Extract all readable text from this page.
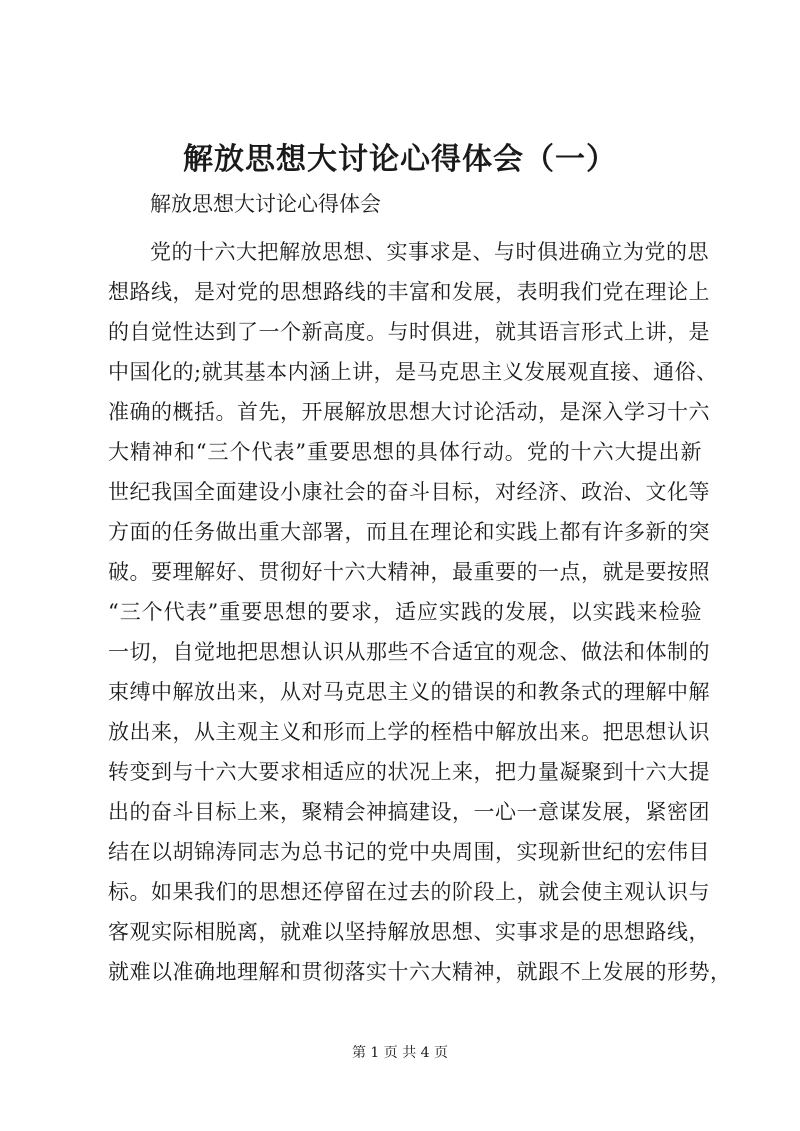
解放思想大讨论心得体会（一）

解放思想大讨论心得体会

党的十六大把解放思想、实事求是、与时俱进确立为党的思
想路线，是对党的思想路线的丰富和发展，表明我们党在理论上
的自觉性达到了一个新高度。与时俱进，就其语言形式上讲，是
中国化的;就其基本内涵上讲，是马克思主义发展观直接、通俗、
准确的概括。首先，开展解放思想大讨论活动，是深入学习十六
大精神和“三个代表”重要思想的具体行动。党的十六大提出新
世纪我国全面建设小康社会的奋斗目标，对经济、政治、文化等
方面的任务做出重大部署，而且在理论和实践上都有许多新的突
破。要理解好、贯彻好十六大精神，最重要的一点，就是要按照
“三个代表”重要思想的要求，适应实践的发展，以实践来检验
一切，自觉地把思想认识从那些不合适宜的观念、做法和体制的
束缚中解放出来，从对马克思主义的错误的和教条式的理解中解
放出来，从主观主义和形而上学的桎梏中解放出来。把思想认识
转变到与十六大要求相适应的状况上来，把力量凝聚到十六大提
出的奋斗目标上来，聚精会神搞建设，一心一意谋发展，紧密团
结在以胡锦涛同志为总书记的党中央周围，实现新世纪的宏伟目
标。如果我们的思想还停留在过去的阶段上，就会使主观认识与
客观实际相脱离，就难以坚持解放思想、实事求是的思想路线，
就难以准确地理解和贯彻落实十六大精神，就跟不上发展的形势，
第 1 页 共 4 页
